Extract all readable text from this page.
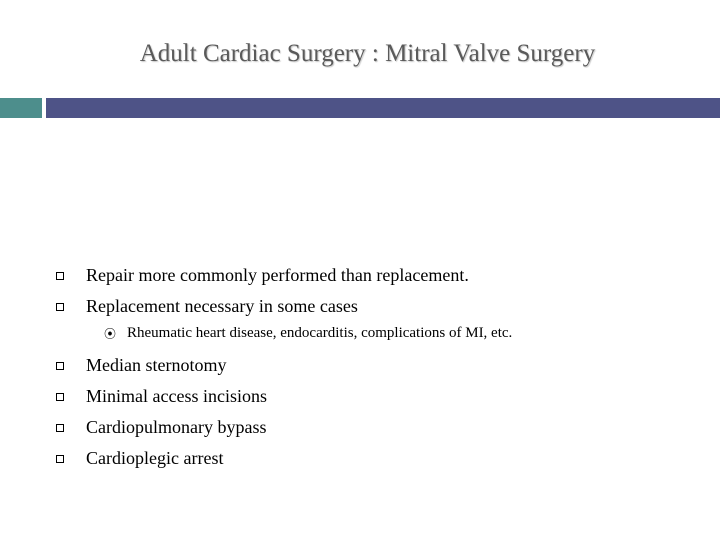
Adult Cardiac Surgery : Mitral Valve Surgery
Repair more commonly performed than replacement.
Replacement necessary in some cases
⦿ Rheumatic heart disease, endocarditis, complications of MI, etc.
Median sternotomy
Minimal access incisions
Cardiopulmonary bypass
Cardioplegic arrest
